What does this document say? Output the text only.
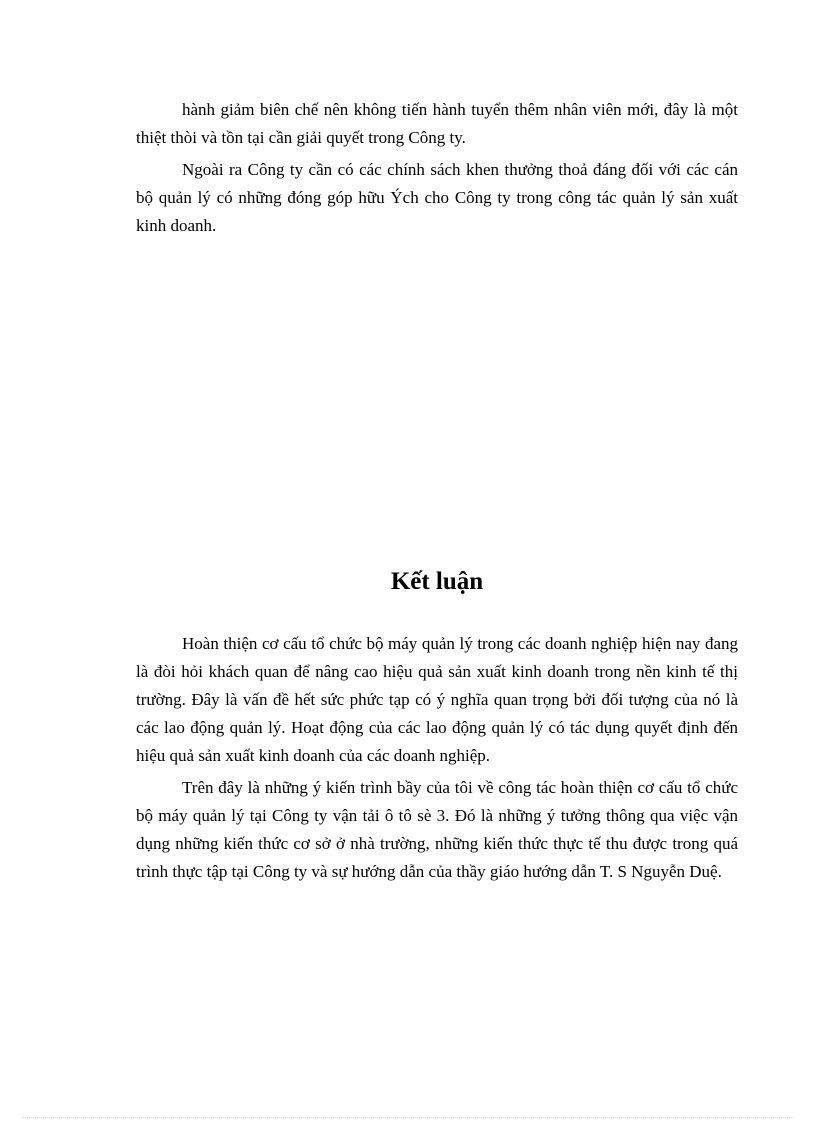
hành giảm biên chế nên không tiến hành tuyển thêm nhân viên mới, đây là một thiệt thòi và tồn tại cần giải quyết trong Công ty.

Ngoài ra Công ty cần có các chính sách khen thưởng thoả đáng đối với các cán bộ quản lý có những đóng góp hữu Ých cho Công ty trong công tác quản lý sản xuất kinh doanh.

Kết luận

Hoàn thiện cơ cấu tổ chức bộ máy quản lý trong các doanh nghiệp hiện nay đang là đòi hỏi khách quan để nâng cao hiệu quả sản xuất kinh doanh trong nền kinh tế thị trường. Đây là vấn đề hết sức phức tạp có ý nghĩa quan trọng bởi đối tượng của nó là các lao động quản lý. Hoạt động của các lao động quản lý có tác dụng quyết định đến hiệu quả sản xuất kinh doanh của các doanh nghiệp.

Trên đây là những ý kiến trình bầy của tôi về công tác hoàn thiện cơ cấu tổ chức bộ máy quản lý tại Công ty vận tải ô tô sè 3. Đó là những ý tưởng thông qua việc vận dụng những kiến thức cơ sở ở nhà trường, những kiến thức thực tế thu được trong quá trình thực tập tại Công ty và sự hướng dẫn của thầy giáo hướng dẫn T. S Nguyễn Duệ.
